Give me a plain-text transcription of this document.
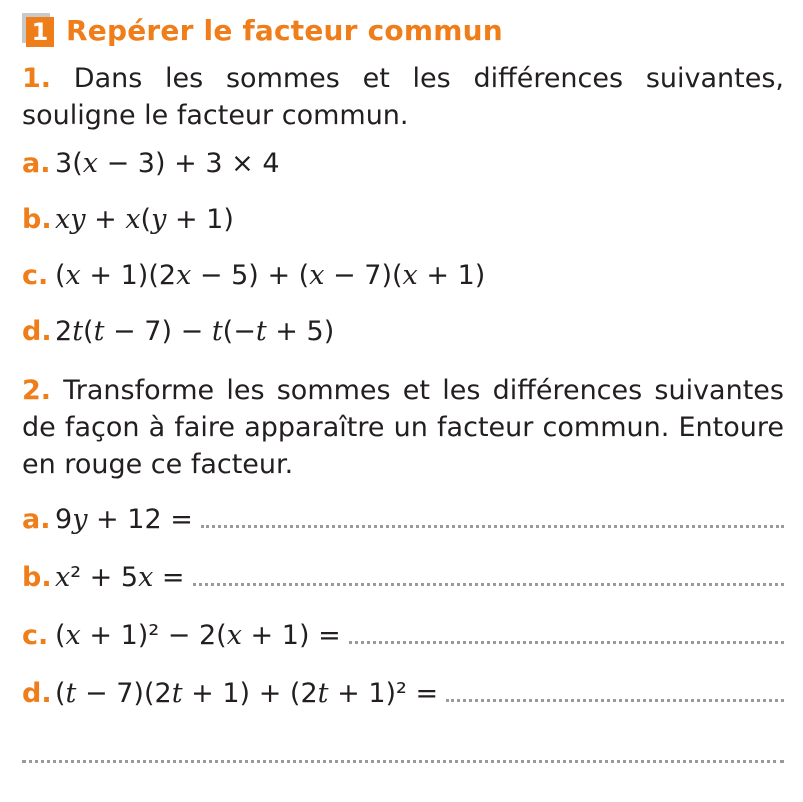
1 Repérer le facteur commun
1. Dans les sommes et les différences suivantes, souligne le facteur commun.
a. 3(x − 3) + 3 × 4
b. xy + x(y + 1)
c. (x + 1)(2x − 5) + (x − 7)(x + 1)
d. 2t(t − 7) − t(−t + 5)
2. Transforme les sommes et les différences suivantes de façon à faire apparaître un facteur commun. Entoure en rouge ce facteur.
a. 9y + 12 =
b. x² + 5x =
c. (x + 1)² − 2(x + 1) =
d. (t − 7)(2t + 1) + (2t + 1)² =
